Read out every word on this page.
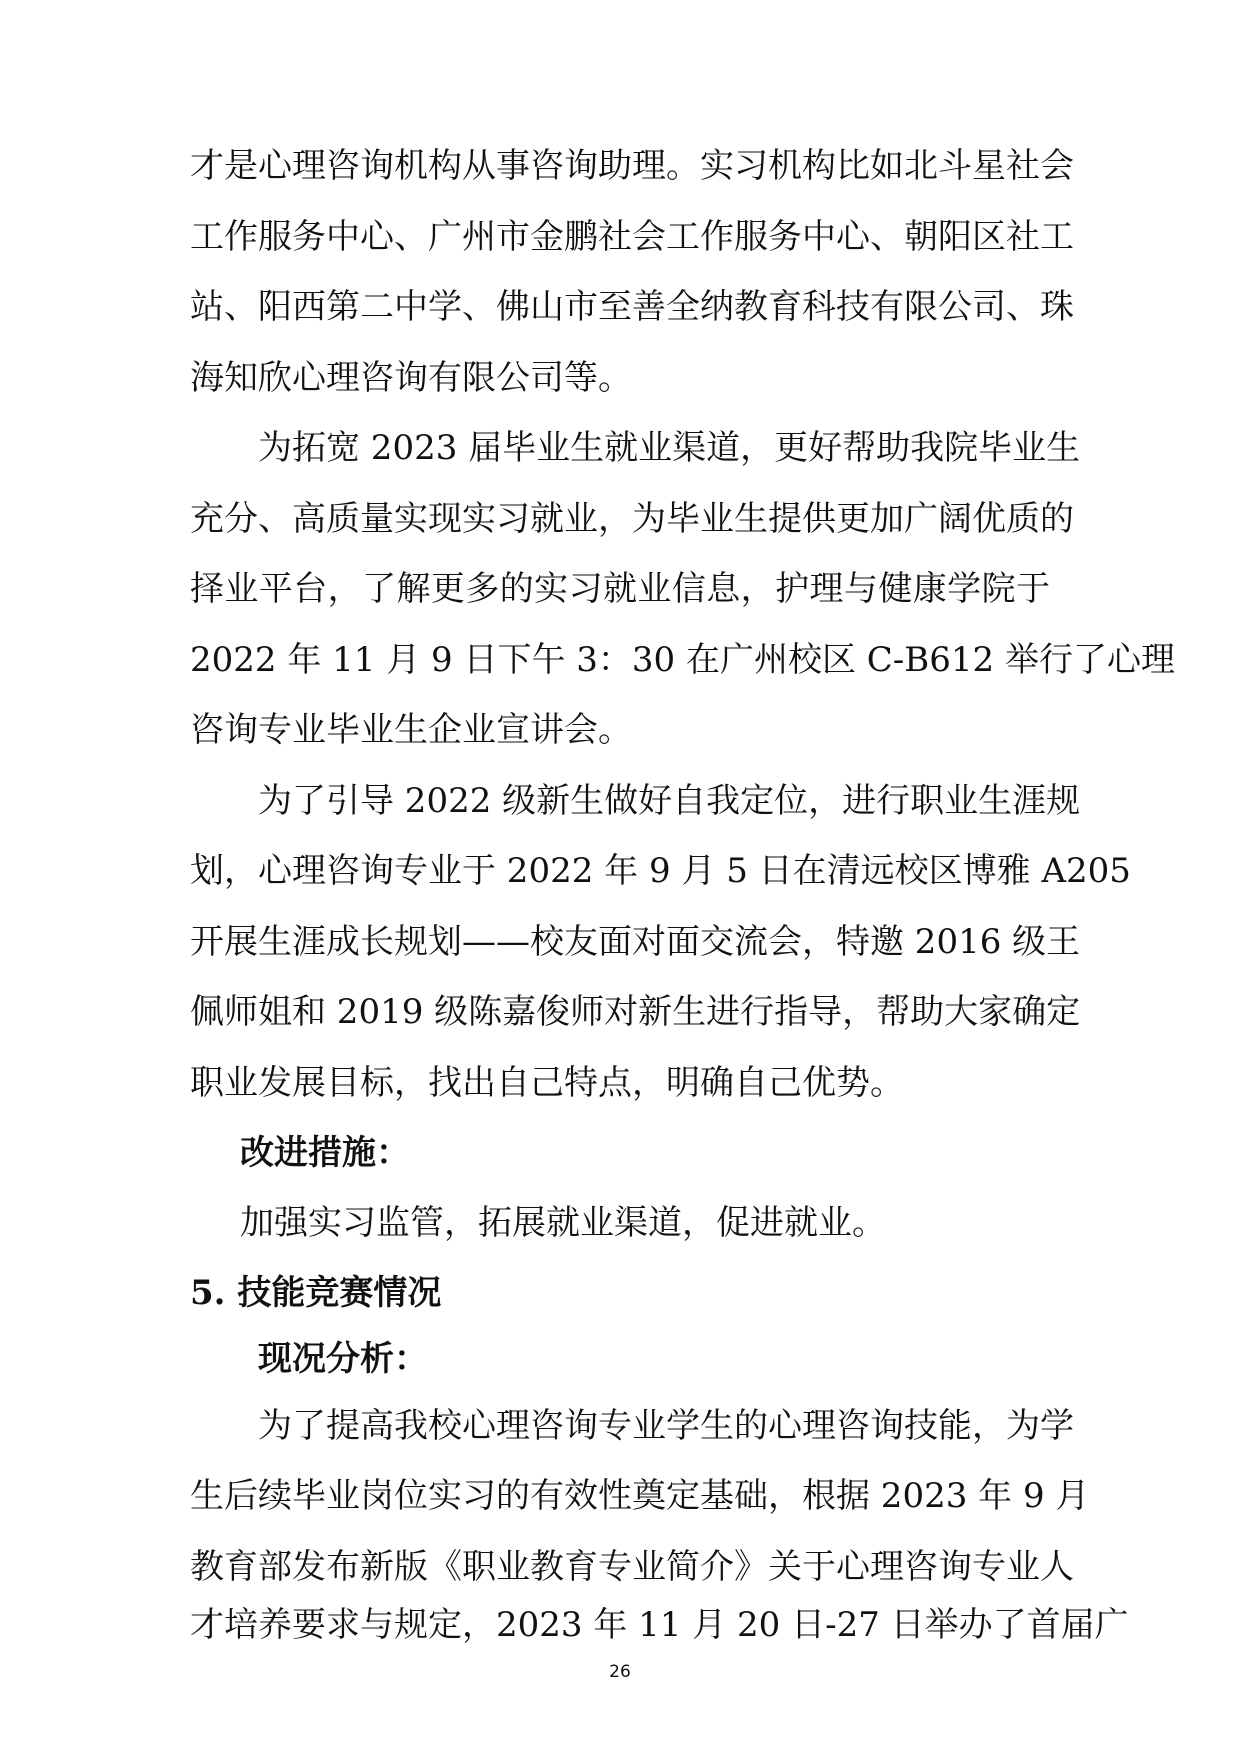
才是心理咨询机构从事咨询助理。实习机构比如北斗星社会
工作服务中心、广州市金鹏社会工作服务中心、朝阳区社工
站、阳西第二中学、佛山市至善全纳教育科技有限公司、珠
海知欣心理咨询有限公司等。
为拓宽 2023 届毕业生就业渠道，更好帮助我院毕业生
充分、高质量实现实习就业，为毕业生提供更加广阔优质的
择业平台，了解更多的实习就业信息，护理与健康学院于
2022 年 11 月 9 日下午 3：30 在广州校区 C-B612 举行了心理
咨询专业毕业生企业宣讲会。
为了引导 2022 级新生做好自我定位，进行职业生涯规
划，心理咨询专业于 2022 年 9 月 5 日在清远校区博雅 A205
开展生涯成长规划——校友面对面交流会，特邀 2016 级王
佩师姐和 2019 级陈嘉俊师对新生进行指导，帮助大家确定
职业发展目标，找出自己特点，明确自己优势。
改进措施：
加强实习监管，拓展就业渠道，促进就业。
5. 技能竞赛情况
现况分析：
为了提高我校心理咨询专业学生的心理咨询技能，为学
生后续毕业岗位实习的有效性奠定基础，根据 2023 年 9 月
教育部发布新版《职业教育专业简介》关于心理咨询专业人
26
才培养要求与规定，2023 年 11 月 20 日-27 日举办了首届广
